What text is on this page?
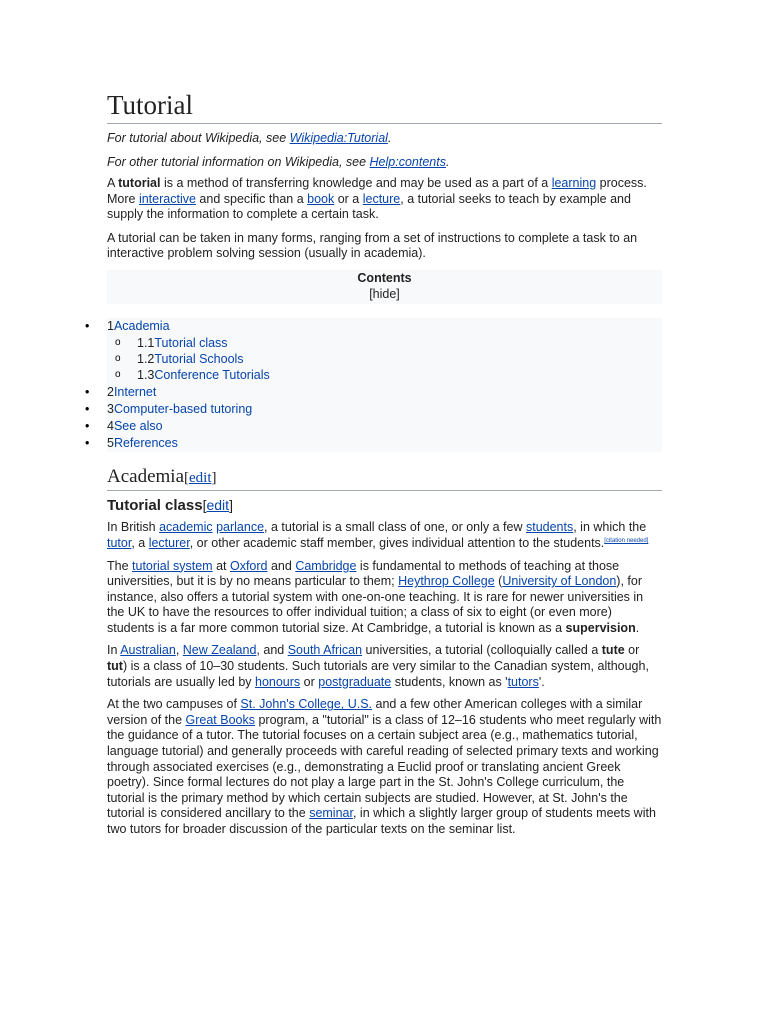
Tutorial
For tutorial about Wikipedia, see Wikipedia:Tutorial.
For other tutorial information on Wikipedia, see Help:contents.

A tutorial is a method of transferring knowledge and may be used as a part of a learning process. More interactive and specific than a book or a lecture, a tutorial seeks to teach by example and supply the information to complete a certain task.

A tutorial can be taken in many forms, ranging from a set of instructions to complete a task to an interactive problem solving session (usually in academia).

Contents
[hide]
• 1Academia
o 1.1Tutorial class
o 1.2Tutorial Schools
o 1.3Conference Tutorials
• 2Internet
• 3Computer-based tutoring
• 4See also
• 5References
Academia[edit]
Tutorial class[edit]

In British academic parlance, a tutorial is a small class of one, or only a few students, in which the tutor, a lecturer, or other academic staff member, gives individual attention to the students.[citation needed]

The tutorial system at Oxford and Cambridge is fundamental to methods of teaching at those universities, but it is by no means particular to them; Heythrop College (University of London), for instance, also offers a tutorial system with one-on-one teaching. It is rare for newer universities in the UK to have the resources to offer individual tuition; a class of six to eight (or even more) students is a far more common tutorial size. At Cambridge, a tutorial is known as a supervision.

In Australian, New Zealand, and South African universities, a tutorial (colloquially called a tute or tut) is a class of 10–30 students. Such tutorials are very similar to the Canadian system, although, tutorials are usually led by honours or postgraduate students, known as 'tutors'.

At the two campuses of St. John's College, U.S. and a few other American colleges with a similar version of the Great Books program, a "tutorial" is a class of 12–16 students who meet regularly with the guidance of a tutor. The tutorial focuses on a certain subject area (e.g., mathematics tutorial, language tutorial) and generally proceeds with careful reading of selected primary texts and working through associated exercises (e.g., demonstrating a Euclid proof or translating ancient Greek poetry). Since formal lectures do not play a large part in the St. John's College curriculum, the tutorial is the primary method by which certain subjects are studied. However, at St. John's the tutorial is considered ancillary to the seminar, in which a slightly larger group of students meets with two tutors for broader discussion of the particular texts on the seminar list.
